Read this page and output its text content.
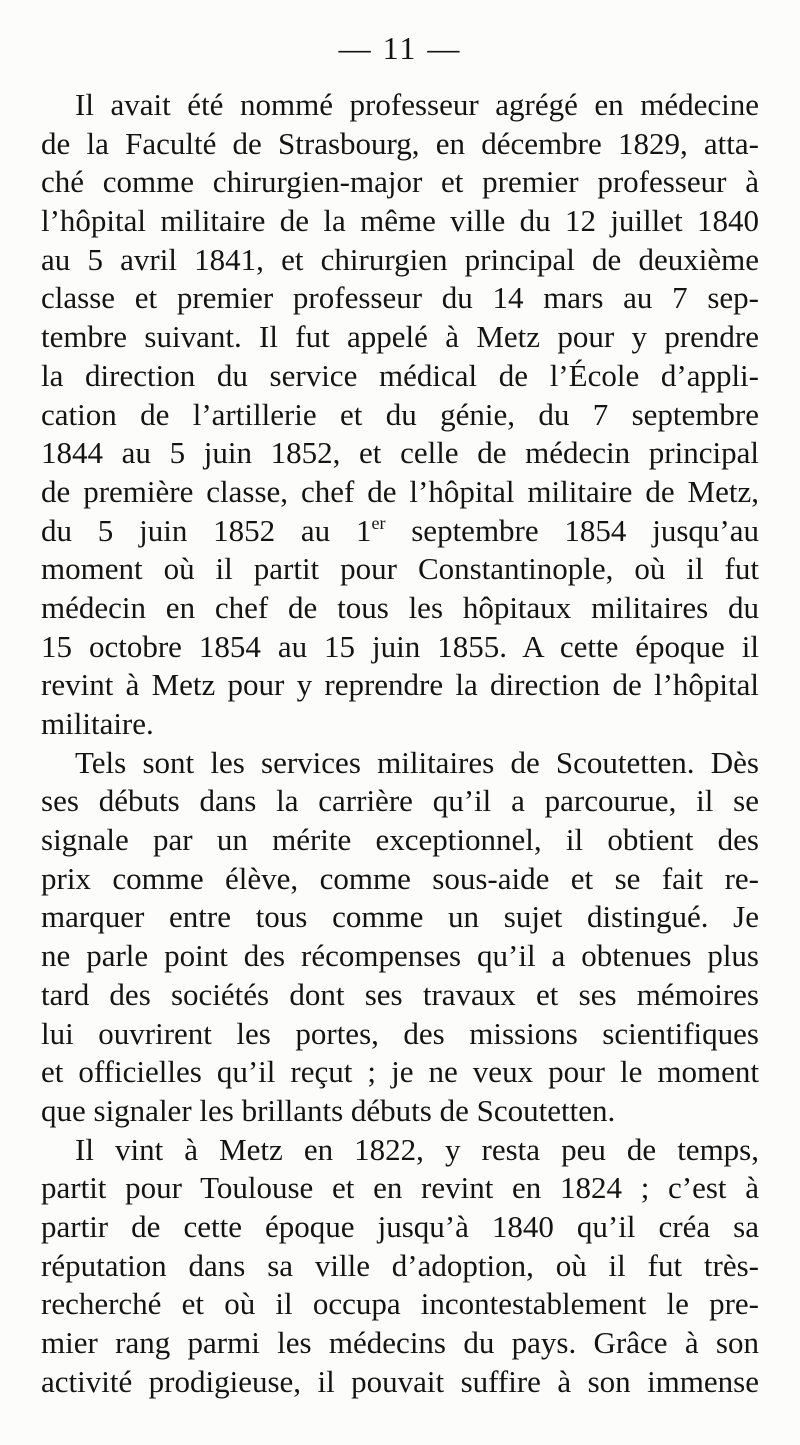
— 11 —
Il avait été nommé professeur agrégé en médecine
de la Faculté de Strasbourg, en décembre 1829, atta-
ché comme chirurgien-major et premier professeur à
l’hôpital militaire de la même ville du 12 juillet 1840
au 5 avril 1841, et chirurgien principal de deuxième
classe et premier professeur du 14 mars au 7 sep-
tembre suivant. Il fut appelé à Metz pour y prendre
la direction du service médical de l’École d’appli-
cation de l’artillerie et du génie, du 7 septembre
1844 au 5 juin 1852, et celle de médecin principal
de première classe, chef de l’hôpital militaire de Metz,
du 5 juin 1852 au 1er septembre 1854 jusqu’au
moment où il partit pour Constantinople, où il fut
médecin en chef de tous les hôpitaux militaires du
15 octobre 1854 au 15 juin 1855. A cette époque il
revint à Metz pour y reprendre la direction de l’hôpital
militaire.
Tels sont les services militaires de Scoutetten. Dès
ses débuts dans la carrière qu’il a parcourue, il se
signale par un mérite exceptionnel, il obtient des
prix comme élève, comme sous-aide et se fait re-
marquer entre tous comme un sujet distingué. Je
ne parle point des récompenses qu’il a obtenues plus
tard des sociétés dont ses travaux et ses mémoires
lui ouvrirent les portes, des missions scientifiques
et officielles qu’il reçut ; je ne veux pour le moment
que signaler les brillants débuts de Scoutetten.
Il vint à Metz en 1822, y resta peu de temps,
partit pour Toulouse et en revint en 1824 ; c’est à
partir de cette époque jusqu’à 1840 qu’il créa sa
réputation dans sa ville d’adoption, où il fut très-
recherché et où il occupa incontestablement le pre-
mier rang parmi les médecins du pays. Grâce à son
activité prodigieuse, il pouvait suffire à son immense
